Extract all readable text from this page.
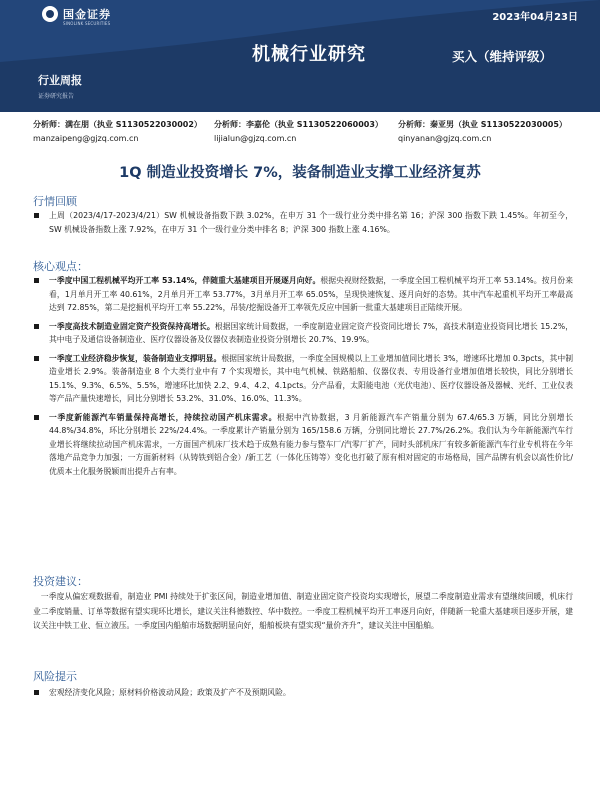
国金证券
SINOLINK SECURITIES
2023年04月23日
机械行业研究	买入（维持评级）
行业周报
证券研究报告
分析师：满在朋（执业 S1130522030002）
manzaipeng@gjzq.com.cn
分析师：李嘉伦（执业 S1130522060003）
lijialun@gjzq.com.cn
分析师：秦亚男（执业 S1130522030005）
qinyanan@gjzq.com.cn
1Q 制造业投资增长 7%，装备制造业支撑工业经济复苏
行情回顾
上周（2023/4/17-2023/4/21）SW 机械设备指数下跌 3.02%，在申万 31 个一级行业分类中排名第 16；沪深 300 指数下跌 1.45%。年初至今，SW 机械设备指数上涨 7.92%，在申万 31 个一级行业分类中排名 8；沪深 300 指数上涨 4.16%。
核心观点：
一季度中国工程机械平均开工率 53.14%，伴随重大基建项目开展逐月向好。根据央视财经数据，一季度全国工程机械平均开工率 53.14%。按月份来看，1月单月开工率 40.61%，2月单月开工率 53.77%，3月单月开工率 65.05%，呈现快速恢复、逐月向好的态势。其中汽车起重机平均开工率最高达到 72.85%，第二是挖掘机平均开工率 55.22%，吊装/挖掘设备开工率领先反应中国新一批重大基建项目正陆续开展。
一季度高技术制造业固定资产投资保持高增长。根据国家统计局数据，一季度制造业固定资产投资同比增长 7%，高技术制造业投资同比增长 15.2%，其中电子及通信设备制造业、医疗仪器设备及仪器仪表制造业投资分别增长 20.7%、19.9%。
一季度工业经济稳步恢复，装备制造业支撑明显。根据国家统计局数据，一季度全国规模以上工业增加值同比增长 3%，增速环比增加 0.3pcts，其中制造业增长 2.9%。装备制造业 8 个大类行业中有 7 个实现增长，其中电气机械、铁路船舶、仪器仪表、专用设备行业增加值增长较快，同比分别增长 15.1%、9.3%、6.5%、5.5%，增速环比加快 2.2、9.4、4.2、4.1pcts。分产品看，太阳能电池（光伏电池）、医疗仪器设备及器械、光纤、工业仪表等产品产量快速增长，同比分别增长 53.2%、31.0%、16.0%、11.3%。
一季度新能源汽车销量保持高增长，持续拉动国产机床需求。根据中汽协数据，3 月新能源汽车产销量分别为 67.4/65.3 万辆，同比分别增长 44.8%/34.8%，环比分别增长 22%/24.4%。一季度累计产销量分别为 165/158.6 万辆，分别同比增长 27.7%/26.2%。我们认为今年新能源汽车行业增长将继续拉动国产机床需求，一方面国产机床厂技术趋于成熟有能力参与整车厂/汽零厂扩产，同时头部机床厂有较多新能源汽车行业专机将在今年落地产品竞争力加强；一方面新材料（从铸铁到铝合金）/新工艺（一体化压铸等）变化也打破了原有相对固定的市场格局，国产品牌有机会以高性价比/优质本土化服务脱颖而出提升占有率。
投资建议：
一季度从偏宏观数据看，制造业 PMI 持续处于扩张区间，制造业增加值、制造业固定资产投资均实现增长，展望二季度制造业需求有望继续回暖，机床行业二季度销量、订单等数据有望实现环比增长，建议关注科德数控、华中数控。一季度工程机械平均开工率逐月向好，伴随新一轮重大基建项目逐步开展，建议关注中铁工业、恒立液压。一季度国内船舶市场数据明显向好，船舶板块有望实现“量价齐升”，建议关注中国船舶。
风险提示
宏观经济变化风险；原材料价格波动风险；政策及扩产不及预期风险。
